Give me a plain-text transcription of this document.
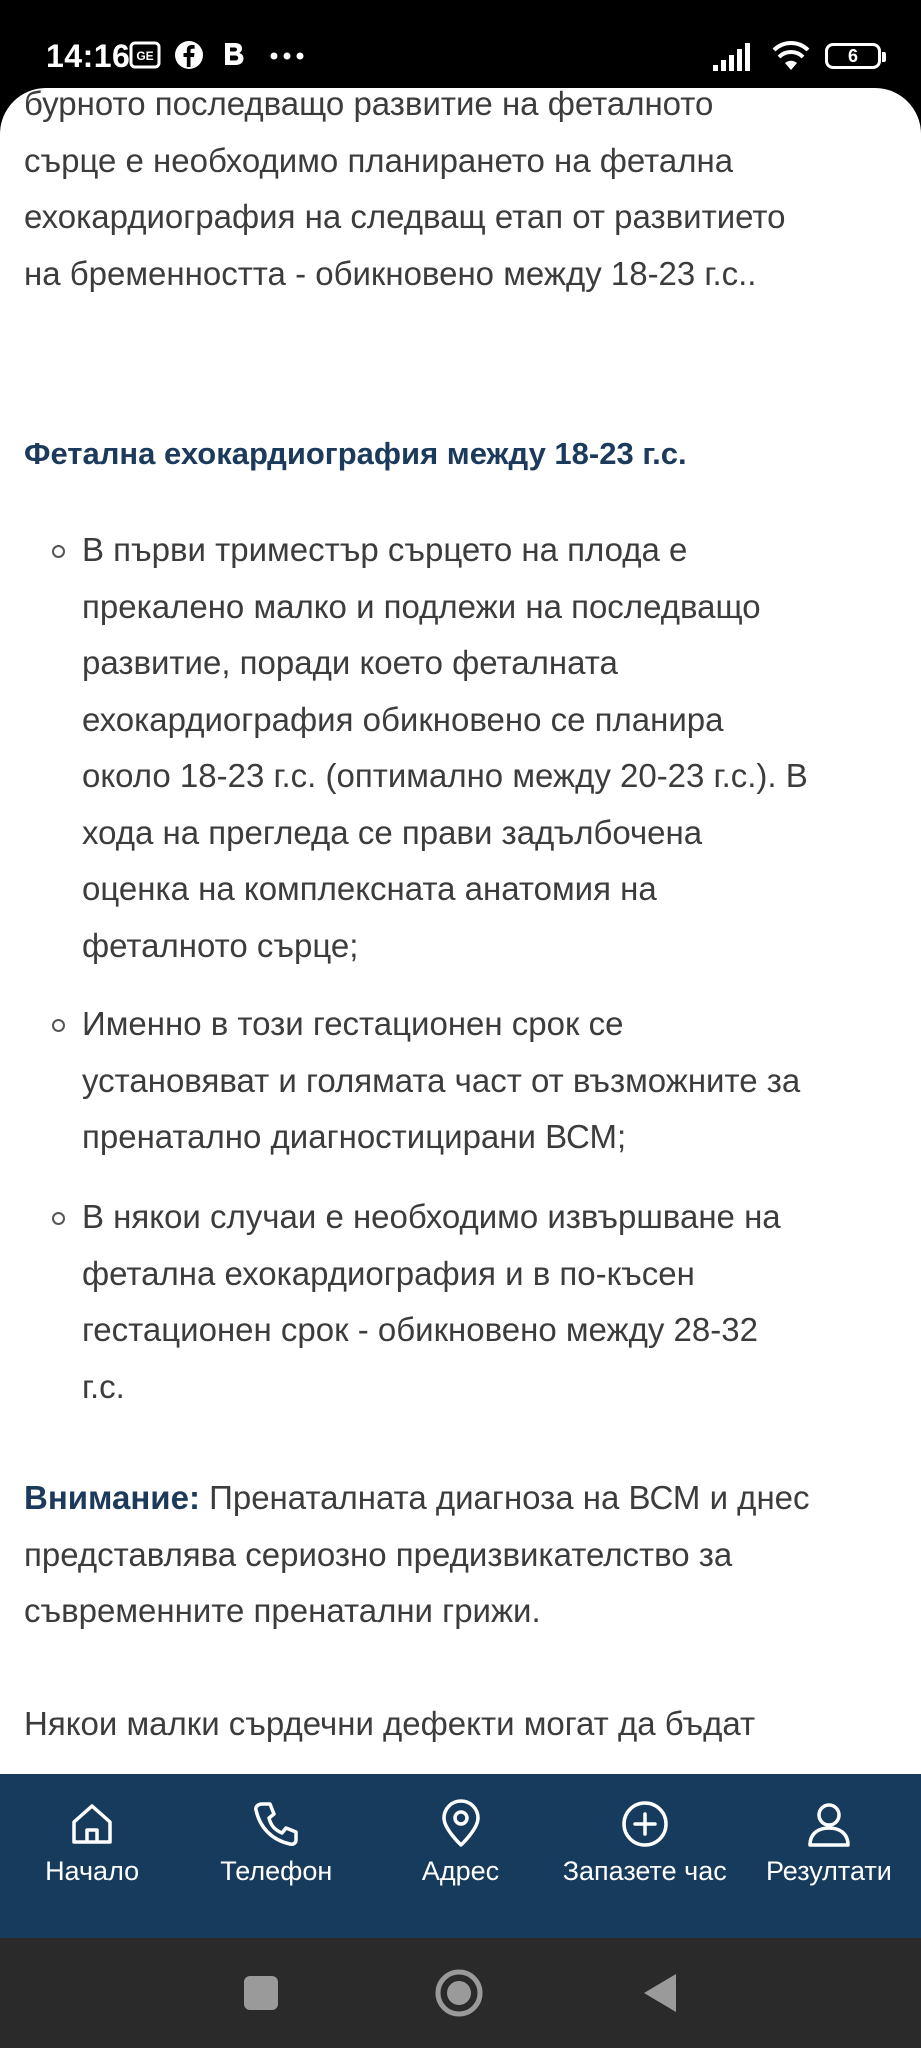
14:16 GE	6
бурното последващо развитие на феталното
сърце е необходимо планирането на фетална
ехокардиография на следващ етап от развитието
на бременността - обикновено между 18-23 г.с..
Фетална ехокардиография между 18-23 г.с.
В първи триместър сърцето на плода е
прекалено малко и подлежи на последващо
развитие, поради което феталната
ехокардиография обикновено се планира
около 18-23 г.с. (оптимално между 20-23 г.с.). В
хода на прегледа се прави задълбочена
оценка на комплексната анатомия на
феталното сърце;
Именно в този гестационен срок се
установяват и голямата част от възможните за
пренатално диагностицирани ВСМ;
В някои случаи е необходимо извършване на
фетална ехокардиография и в по-късен
гестационен срок - обикновено между 28-32
г.с.
Внимание: Пренаталната диагноза на ВСМ и днес
представлява сериозно предизвикателство за
съвременните пренатални грижи.
Някои малки сърдечни дефекти могат да бъдат
Начало	Телефон	Адрес Запазете час Резултати
